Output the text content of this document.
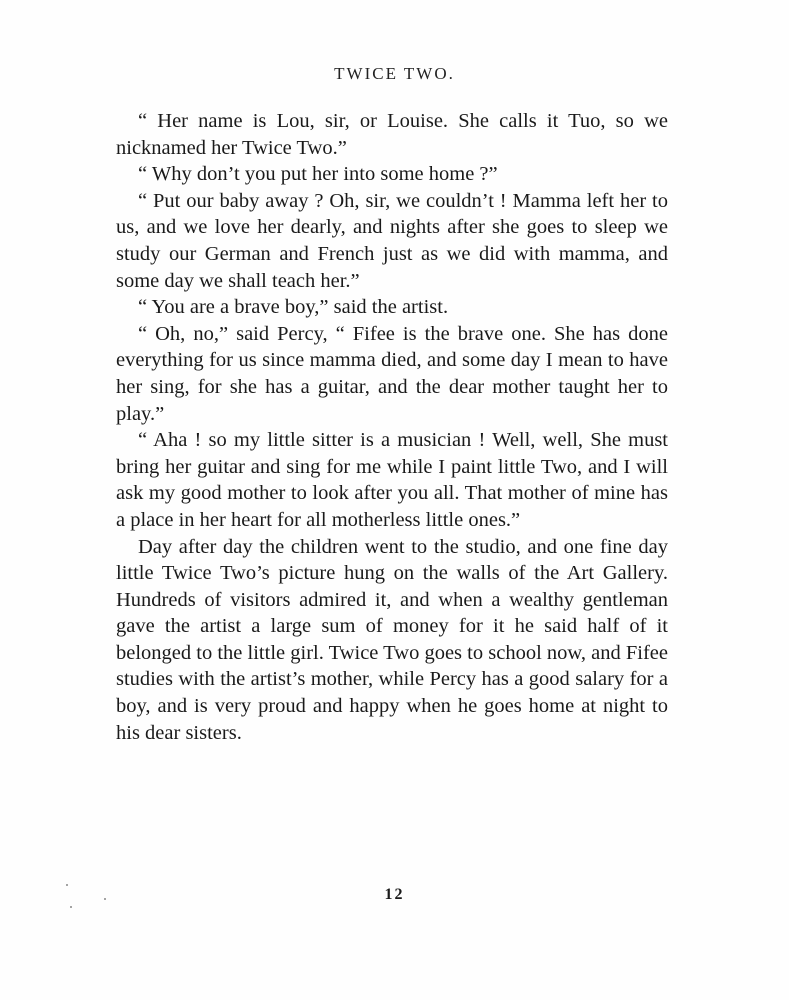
TWICE TWO.

“ Her name is Lou, sir, or Louise. She calls it Tuo, so we nicknamed her Twice Two.”

“ Why don’t you put her into some home ?”

“ Put our baby away ? Oh, sir, we couldn’t ! Mamma left her to us, and we love her dearly, and nights after she goes to sleep we study our German and French just as we did with mamma, and some day we shall teach her.”

“ You are a brave boy,” said the artist.

“ Oh, no,” said Percy, “ Fifee is the brave one. She has done everything for us since mamma died, and some day I mean to have her sing, for she has a guitar, and the dear mother taught her to play.”

“ Aha ! so my little sitter is a musician ! Well, well, She must bring her guitar and sing for me while I paint little Two, and I will ask my good mother to look after you all. That mother of mine has a place in her heart for all motherless little ones.”

Day after day the children went to the studio, and one fine day little Twice Two’s picture hung on the walls of the Art Gallery. Hundreds of visitors admired it, and when a wealthy gentleman gave the artist a large sum of money for it he said half of it belonged to the little girl. Twice Two goes to school now, and Fifee studies with the artist’s mother, while Percy has a good salary for a boy, and is very proud and happy when he goes home at night to his dear sisters.

12
